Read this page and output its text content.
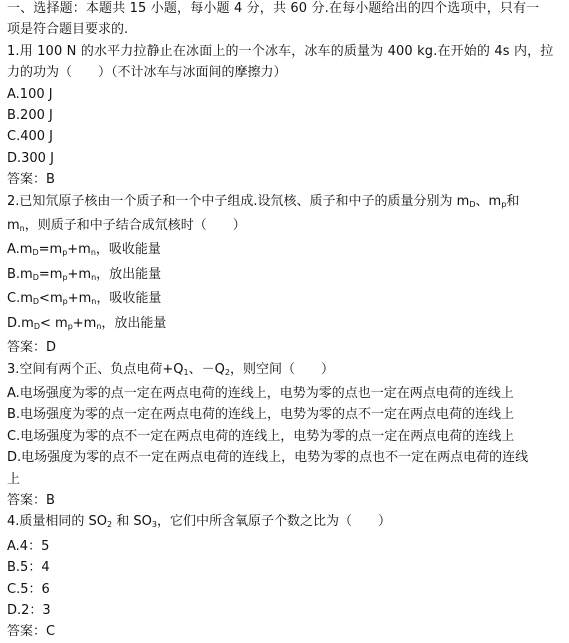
一、选择题：本题共 15 小题，每小题 4 分，共 60 分.在每小题给出的四个选项中，只有一
项是符合题目要求的.
1.用 100 N 的水平力拉静止在冰面上的一个冰车，冰车的质量为 400 kg.在开始的 4s 内，拉
力的功为（　　）（不计冰车与冰面间的摩擦力）
A.100 J
B.200 J
C.400 J
D.300 J
答案：B
2.已知氘原子核由一个质子和一个中子组成.设氘核、质子和中子的质量分别为 $m_D$、$m_p$和
$m_n$，则质子和中子结合成氘核时（　　）
$A.m_D=m_p+m_n$，吸收能量
$B.m_D=m_p+m_n$，放出能量
$C.m_D<m_p+m_n$，吸收能量
$D.m_D< m_p+m_n$，放出能量
答案：D
3.空间有两个正、负点电荷$+Q_1$、$-Q_2$，则空间（　　）
A.电场强度为零的点一定在两点电荷的连线上，电势为零的点也一定在两点电荷的连线上
B.电场强度为零的点一定在两点电荷的连线上，电势为零的点不一定在两点电荷的连线上
C.电场强度为零的点不一定在两点电荷的连线上，电势为零的点一定在两点电荷的连线上
D.电场强度为零的点不一定在两点电荷的连线上，电势为零的点也不一定在两点电荷的连线
上
答案：B
4.质量相同的 $SO_2$ 和 $SO_3$，它们中所含氧原子个数之比为（　　）
A.4：5
B.5：4
C.5：6
D.2：3
答案：C
